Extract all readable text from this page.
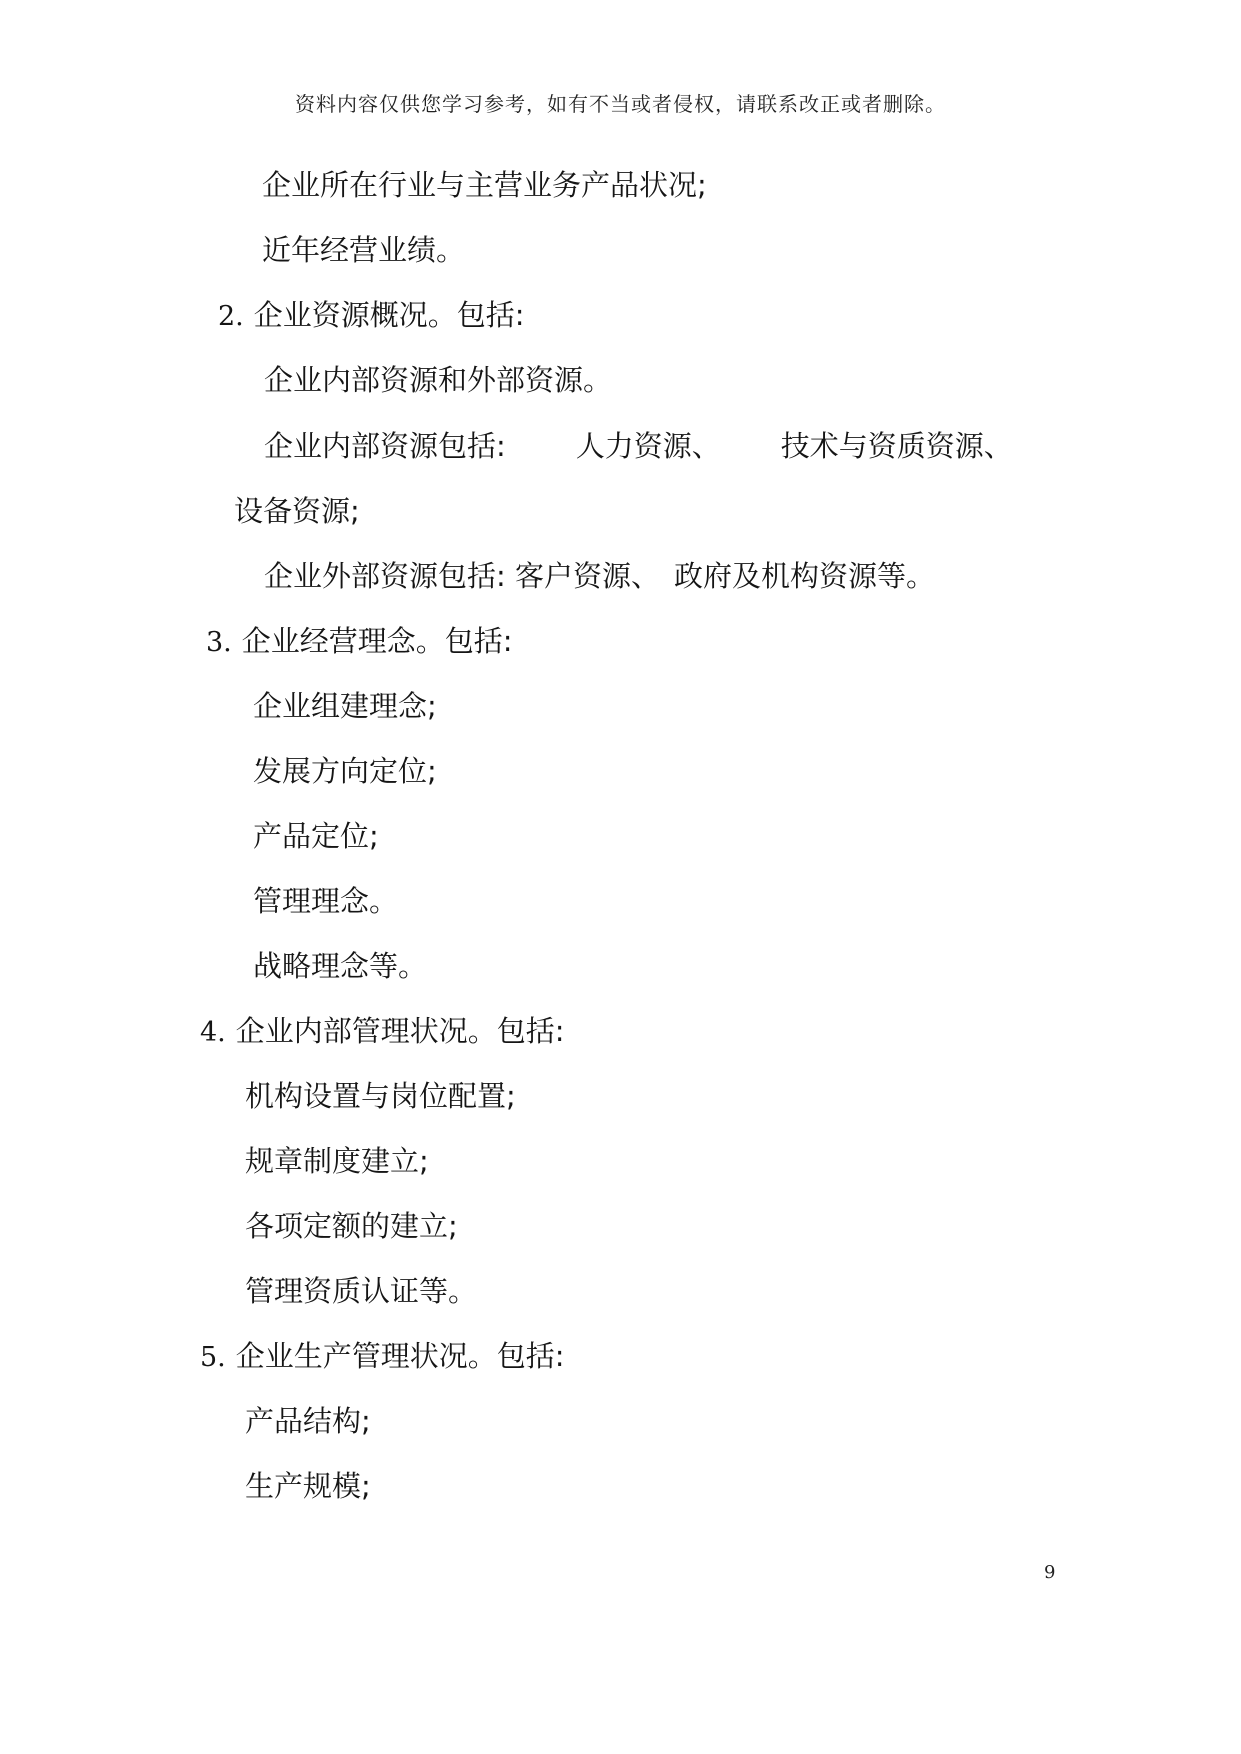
资料内容仅供您学习参考，如有不当或者侵权，请联系改正或者删除。
企业所在行业与主营业务产品状况;
近年经营业绩。
2. 企业资源概况。包括:
企业内部资源和外部资源。
企业内部资源包括: 人力资源、 技术与资质资源、
设备资源;
企业外部资源包括: 客户资源、 政府及机构资源等。
3. 企业经营理念。包括:
企业组建理念;
发展方向定位;
产品定位;
管理理念。
战略理念等。
4. 企业内部管理状况。包括:
机构设置与岗位配置;
规章制度建立;
各项定额的建立;
管理资质认证等。
5. 企业生产管理状况。包括:
产品结构;
生产规模;
9
